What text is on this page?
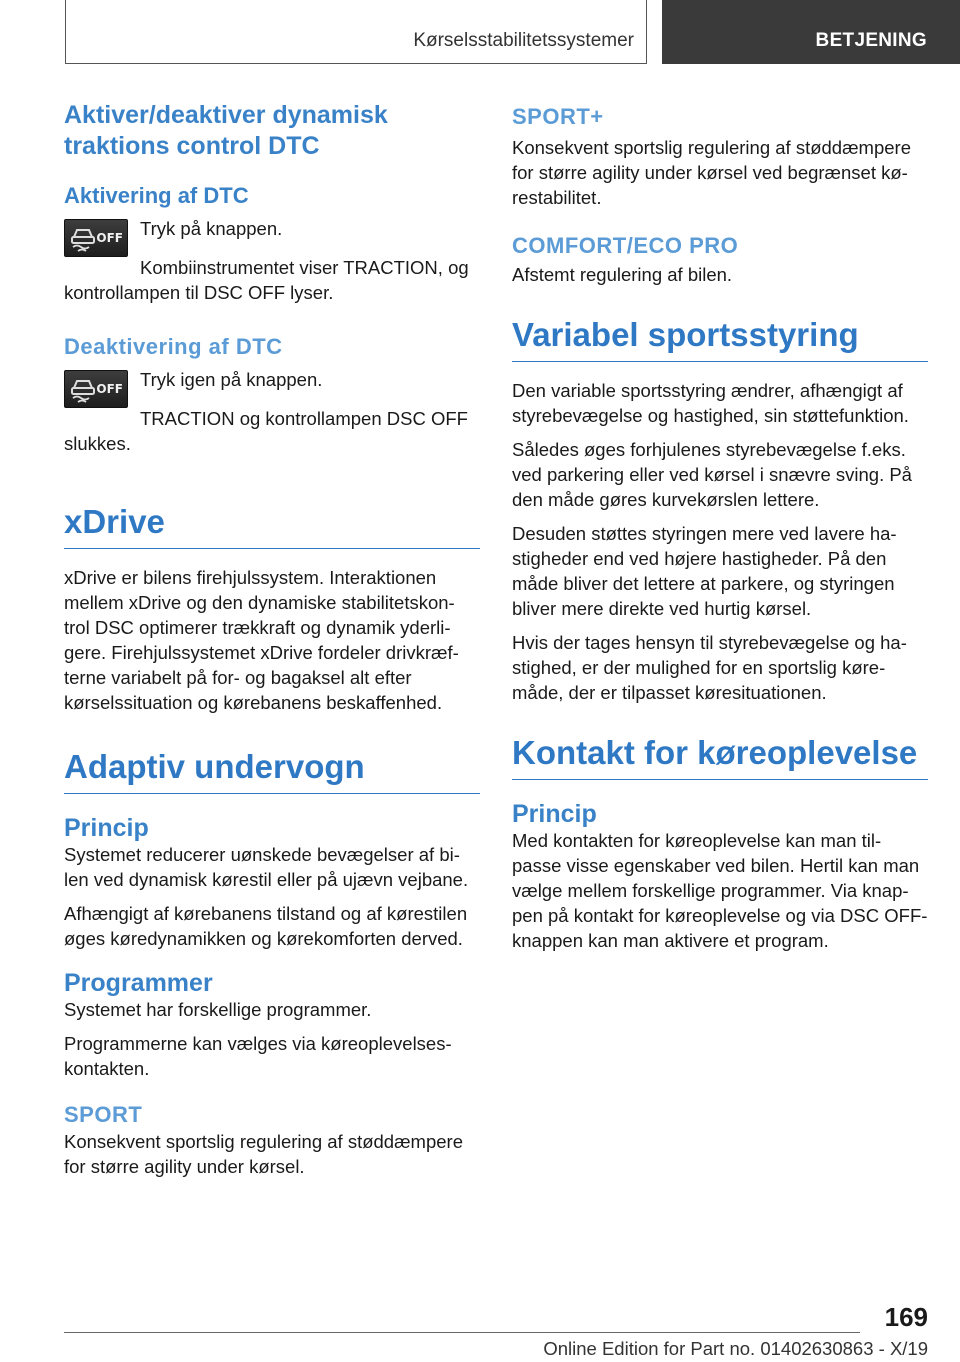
Kørselsstabilitetssystemer	BETJENING
Aktiver/deaktiver dynamisk traktions control DTC
Aktivering af DTC
OFF Tryk på knappen.

Kombiinstrumentet viser TRACTION, og kontrollampen til DSC OFF lyser.

Deaktivering af DTC
OFF Tryk igen på knappen.

TRACTION og kontrollampen DSC OFF slukkes.

xDrive

xDrive er bilens firehjulssystem. Interaktionen mellem xDrive og den dynamiske stabilitetskon-trol DSC optimerer trækkraft og dynamik yderli-gere. Firehjulssystemet xDrive fordeler drivkræf-terne variabelt på for- og bagaksel alt efter kørselssituation og kørebanens beskaffenhed.

Adaptiv undervogn
Princip

Systemet reducerer uønskede bevægelser af bi-len ved dynamisk kørestil eller på ujævn vejbane.

Afhængigt af kørebanens tilstand og af kørestilen øges køredynamikken og kørekomforten derved.

Programmer

Systemet har forskellige programmer.

Programmerne kan vælges via køreoplevelses-kontakten.

SPORT

Konsekvent sportslig regulering af støddæmpere for større agility under kørsel.

SPORT+

Konsekvent sportslig regulering af støddæmpere for større agility under kørsel ved begrænset kø-restabilitet.

COMFORT/ECO PRO

Afstemt regulering af bilen.

Variabel sportsstyring

Den variable sportsstyring ændrer, afhængigt af styrebevægelse og hastighed, sin støttefunktion.

Således øges forhjulenes styrebevægelse f.eks. ved parkering eller ved kørsel i snævre sving. På den måde gøres kurvekørslen lettere.

Desuden støttes styringen mere ved lavere ha-stigheder end ved højere hastigheder. På den måde bliver det lettere at parkere, og styringen bliver mere direkte ved hurtig kørsel.

Hvis der tages hensyn til styrebevægelse og ha-stighed, er der mulighed for en sportslig køre-måde, der er tilpasset køresituationen.

Kontakt for køreoplevelse
Princip

Med kontakten for køreoplevelse kan man til-passe visse egenskaber ved bilen. Hertil kan man vælge mellem forskellige programmer. Via knap-pen på kontakt for køreoplevelse og via DSC OFF-knappen kan man aktivere et program.

169
Online Edition for Part no. 01402630863 - X/19
